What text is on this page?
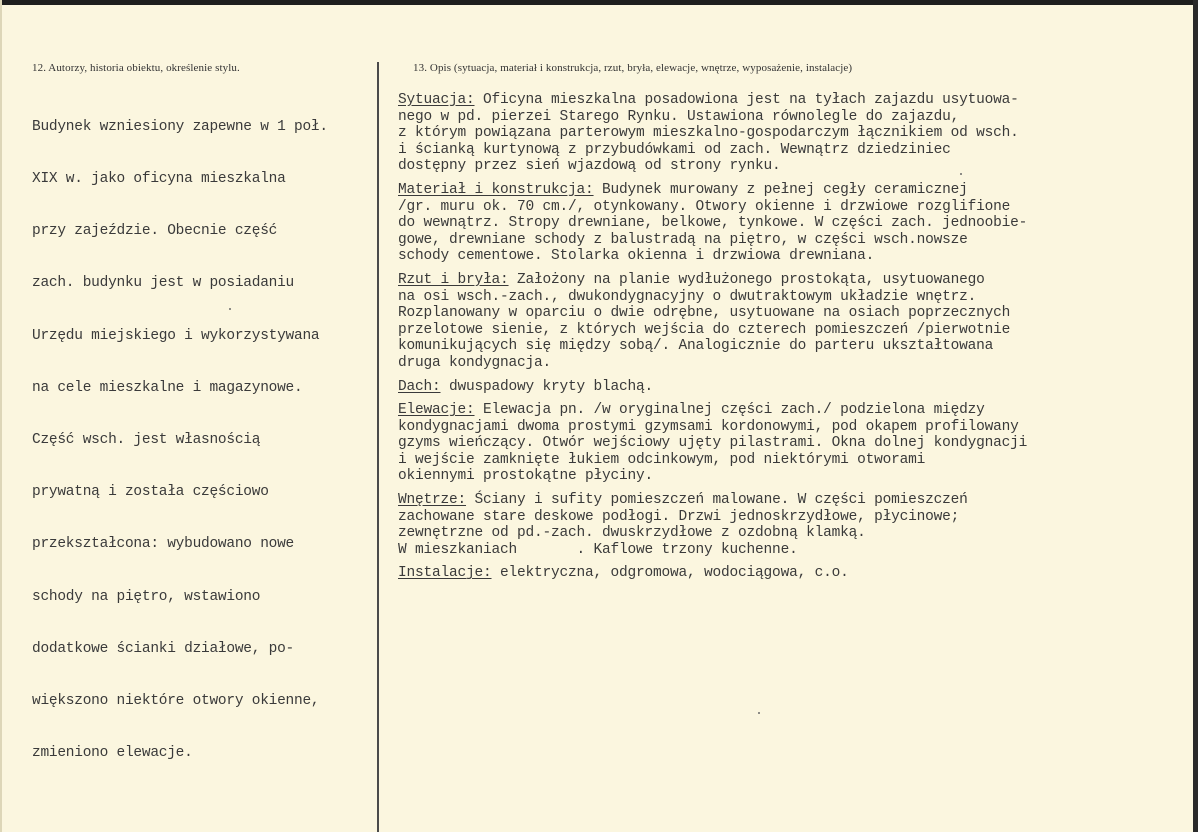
12. Autorzy, historia obiektu, określenie stylu.	13. Opis (sytuacja, materiał i konstrukcja, rzut, bryła, elewacje, wnętrze, wyposażenie, instalacje)

Budynek wzniesiony zapewne w 1 poł.

XIX w. jako oficyna mieszkalna

przy zajeździe. Obecnie część

zach. budynku jest w posiadaniu

Urzędu miejskiego i wykorzystywana

na cele mieszkalne i magazynowe.

Część wsch. jest własnością

prywatną i została częściowo

przekształcona: wybudowano nowe

schody na piętro, wstawiono

dodatkowe ścianki działowe, po-

większono niektóre otwory okienne,

zmieniono elewacje.

Sytuacja: Oficyna mieszkalna posadowiona jest na tyłach zajazdu usytuowa-
nego w pd. pierzei Starego Rynku. Ustawiona równolegle do zajazdu,
z którym powiązana parterowym mieszkalno-gospodarczym łącznikiem od wsch.
i ścianką kurtynową z przybudówkami od zach. Wewnątrz dziedziniec
dostępny przez sień wjazdową od strony rynku.
Materiał i konstrukcja: Budynek murowany z pełnej cegły ceramicznej
/gr. muru ok. 70 cm./, otynkowany. Otwory okienne i drzwiowe rozglifione
do wewnątrz. Stropy drewniane, belkowe, tynkowe. W części zach. jednoobie-
gowe, drewniane schody z balustradą na piętro, w części wsch.nowsze
schody cementowe. Stolarka okienna i drzwiowa drewniana.
Rzut i bryła: Założony na planie wydłużonego prostokąta, usytuowanego
na osi wsch.-zach., dwukondygnacyjny o dwutraktowym układzie wnętrz.
Rozplanowany w oparciu o dwie odrębne, usytuowane na osiach poprzecznych
przelotowe sienie, z których wejścia do czterech pomieszczeń /pierwotnie
komunikujących się między sobą/. Analogicznie do parteru ukształtowana
druga kondygnacja.
Dach: dwuspadowy kryty blachą.
Elewacje: Elewacja pn. /w oryginalnej części zach./ podzielona między
kondygnacjami dwoma prostymi gzymsami kordonowymi, pod okapem profilowany
gzyms wieńczący. Otwór wejściowy ujęty pilastrami. Okna dolnej kondygnacji
i wejście zamknięte łukiem odcinkowym, pod niektórymi otworami
okiennymi prostokątne płyciny.
Wnętrze: Ściany i sufity pomieszczeń malowane. W części pomieszczeń
zachowane stare deskowe podłogi. Drzwi jednoskrzydłowe, płycinowe;
zewnętrzne od pd.-zach. dwuskrzydłowe z ozdobną klamką.
W mieszkaniach       . Kaflowe trzony kuchenne.
Instalacje: elektryczna, odgromowa, wodociągowa, c.o.
